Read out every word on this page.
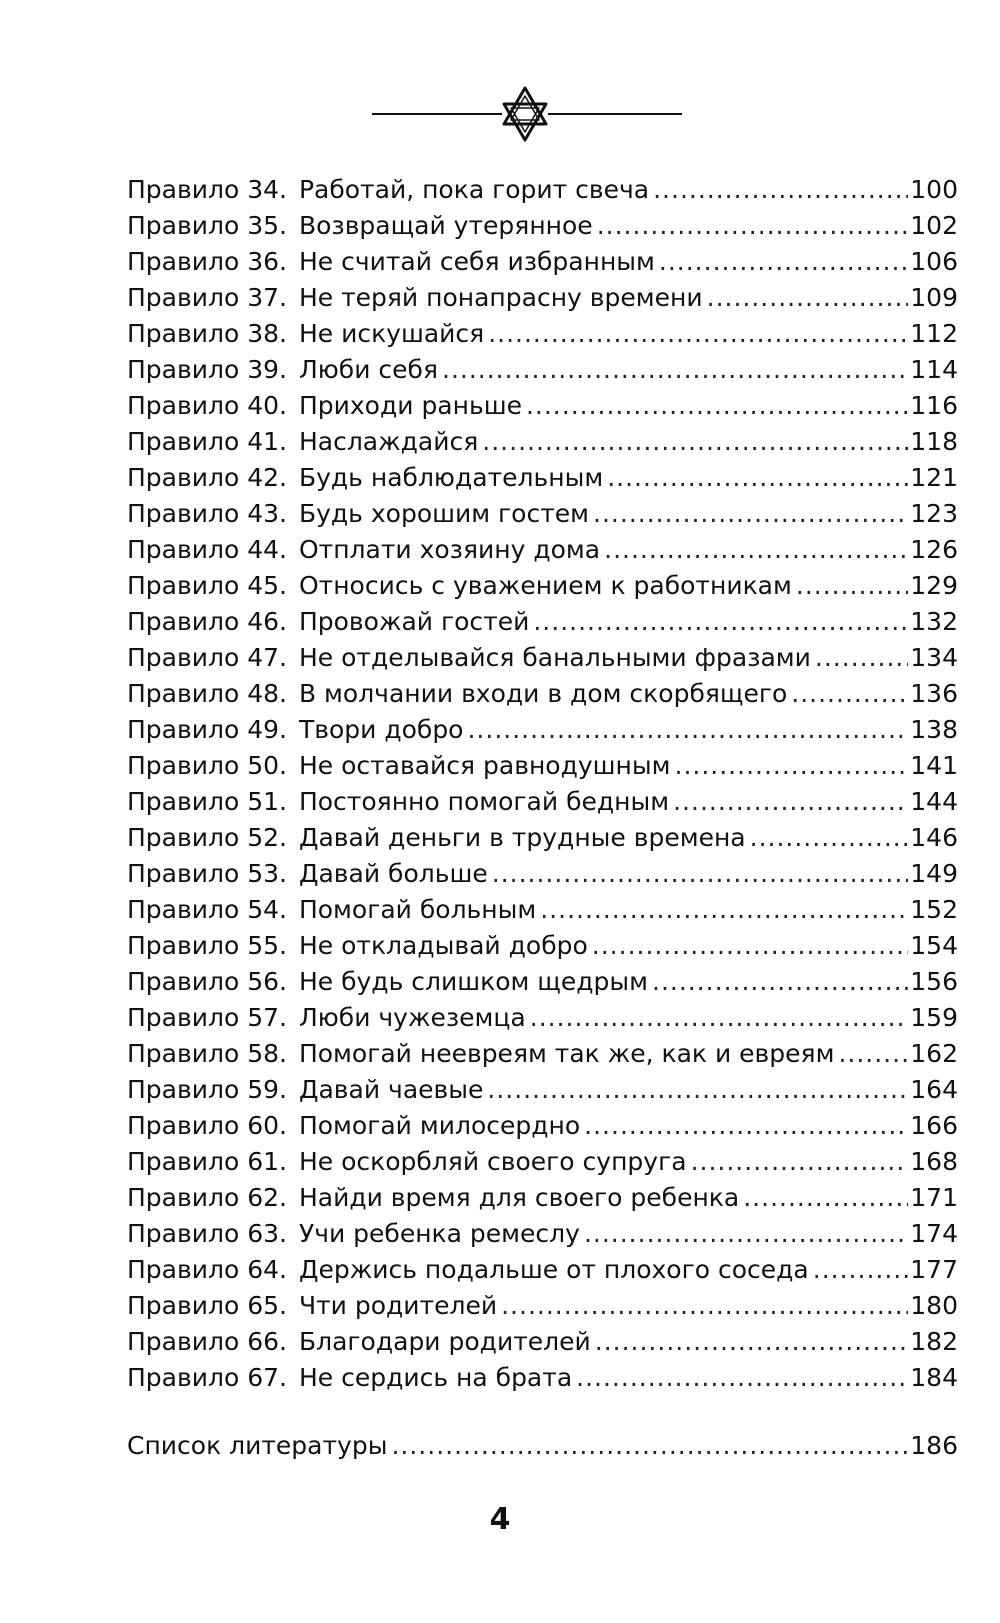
Правило 34. Работай, пока горит свеча .....	100
Правило 35. Возвращай утерянное .....	102
Правило 36. Не считай себя избранным .....	106
Правило 37. Не теряй понапрасну времени .....	109
Правило 38. Не искушайся .....	112
Правило 39. Люби себя .....	114
Правило 40. Приходи раньше .....	116
Правило 41. Наслаждайся .....	118
Правило 42. Будь наблюдательным .....	121
Правило 43. Будь хорошим гостем .....	123
Правило 44. Отплати хозяину дома .....	126
Правило 45. Относись с уважением к работникам .....	129
Правило 46. Провожай гостей .....	132
Правило 47. Не отделывайся банальными фразами .....	134
Правило 48. В молчании входи в дом скорбящего .....	136
Правило 49. Твори добро .....	138
Правило 50. Не оставайся равнодушным .....	141
Правило 51. Постоянно помогай бедным .....	144
Правило 52. Давай деньги в трудные времена .....	146
Правило 53. Давай больше .....	149
Правило 54. Помогай больным .....	152
Правило 55. Не откладывай добро .....	154
Правило 56. Не будь слишком щедрым .....	156
Правило 57. Люби чужеземца .....	159
Правило 58. Помогай неевреям так же, как и евреям .....	162
Правило 59. Давай чаевые .....	164
Правило 60. Помогай милосердно .....	166
Правило 61. Не оскорбляй своего супруга .....	168
Правило 62. Найди время для своего ребенка .....	171
Правило 63. Учи ребенка ремеслу .....	174
Правило 64. Держись подальше от плохого соседа .....	177
Правило 65. Чти родителей .....	180
Правило 66. Благодари родителей .....	182
Правило 67. Не сердись на брата .....	184
Список литературы .....	186
4
